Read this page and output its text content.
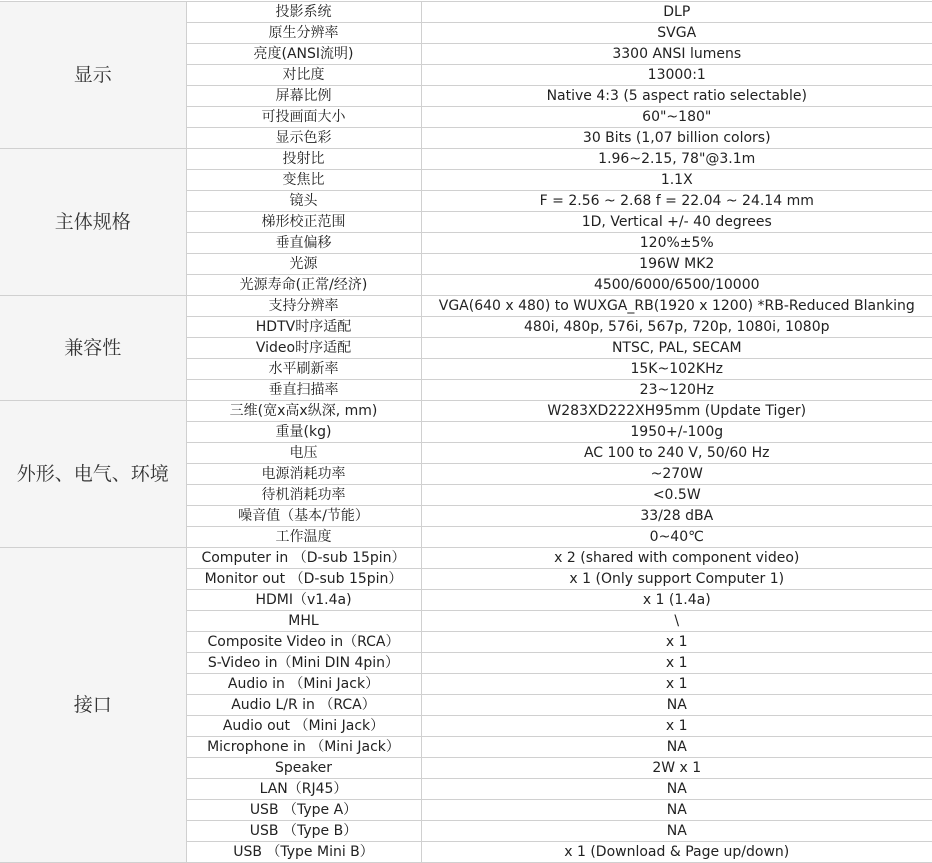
显示	投影系统	DLP
	原生分辨率	SVGA
	亮度(ANSI流明)	3300 ANSI lumens
	对比度	13000:1
	屏幕比例	Native 4:3 (5 aspect ratio selectable)
	可投画面大小	60"~180"
	显示色彩	30 Bits (1,07 billion colors)
主体规格	投射比	1.96~2.15, 78"@3.1m
	变焦比	1.1X
	镜头	F = 2.56 ~ 2.68 f = 22.04 ~ 24.14 mm
	梯形校正范围	1D, Vertical +/- 40 degrees
	垂直偏移	120%±5%
	光源	196W MK2
	光源寿命(正常/经济)	4500/6000/6500/10000
兼容性	支持分辨率	VGA(640 x 480) to WUXGA_RB(1920 x 1200) *RB-Reduced Blanking
	HDTV时序适配	480i, 480p, 576i, 567p, 720p, 1080i, 1080p
	Video时序适配	NTSC, PAL, SECAM
	水平刷新率	15K~102KHz
	垂直扫描率	23~120Hz
外形、电气、环境	三维(宽x高x纵深, mm)	W283XD222XH95mm (Update Tiger)
	重量(kg)	1950+/-100g
	电压	AC 100 to 240 V, 50/60 Hz
	电源消耗功率	~270W
	待机消耗功率	<0.5W
	噪音值（基本/节能）	33/28 dBA
	工作温度	0~40℃
接口	Computer in （D-sub 15pin）	x 2 (shared with component video)
	Monitor out （D-sub 15pin）	x 1 (Only support Computer 1)
	HDMI（v1.4a)	x 1 (1.4a)
	MHL	\
	Composite Video in（RCA）	x 1
	S-Video in（Mini DIN 4pin）	x 1
	Audio in （Mini Jack）	x 1
	Audio L/R in （RCA）	NA
	Audio out （Mini Jack）	x 1
	Microphone in （Mini Jack）	NA
	Speaker	2W x 1
	LAN（RJ45）	NA
	USB （Type A）	NA
	USB （Type B）	NA
	USB （Type Mini B）	x 1 (Download & Page up/down)
